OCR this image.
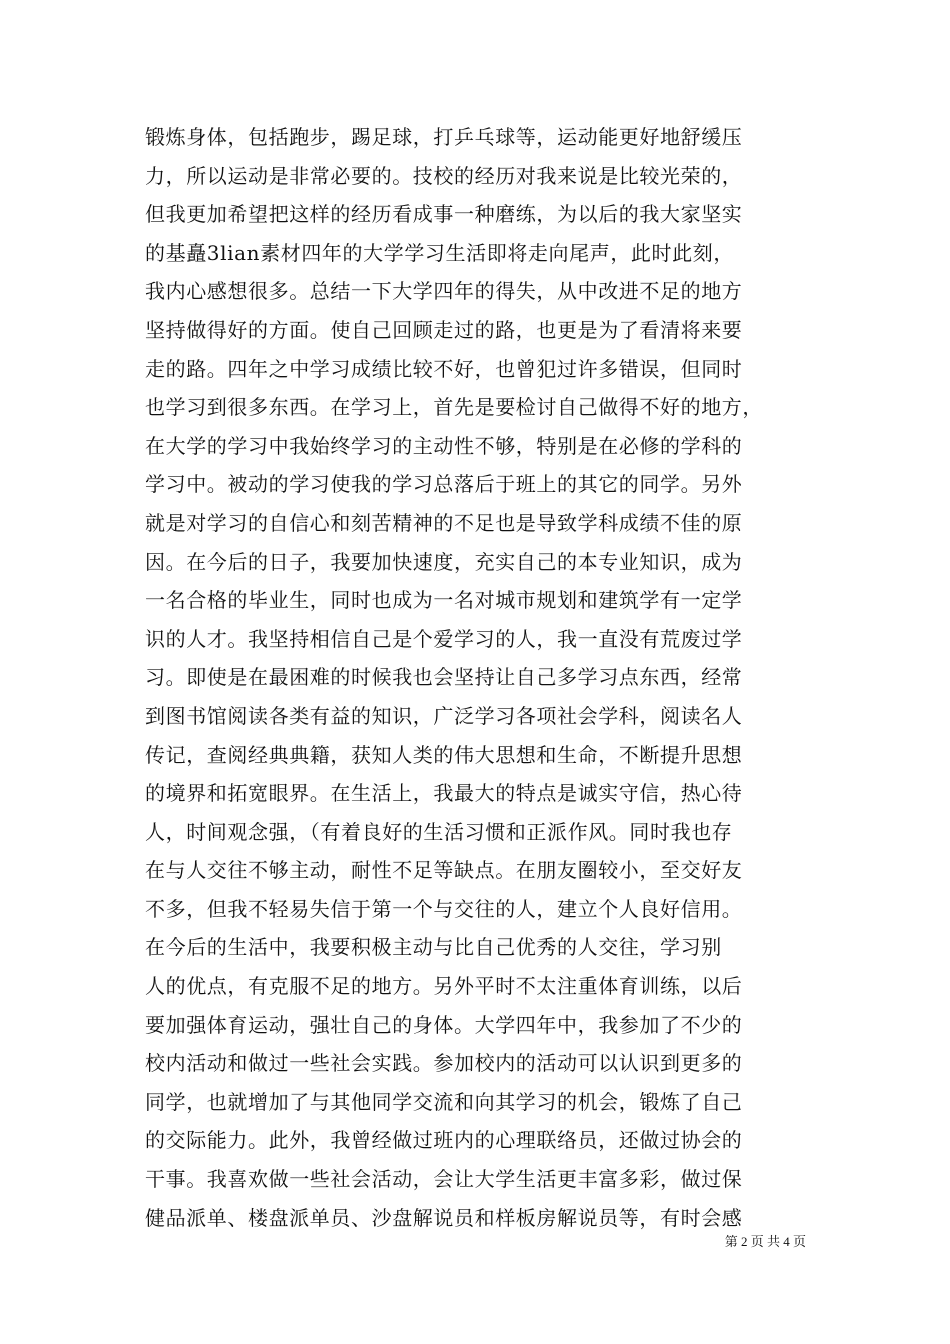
锻炼身体，包括跑步，踢足球，打乒乓球等，运动能更好地舒缓压
力，所以运动是非常必要的。技校的经历对我来说是比较光荣的，
但我更加希望把这样的经历看成事一种磨练，为以后的我大家坚实
的基矗3lian素材四年的大学学习生活即将走向尾声，此时此刻，
我内心感想很多。总结一下大学四年的得失，从中改进不足的地方
坚持做得好的方面。使自己回顾走过的路，也更是为了看清将来要
走的路。四年之中学习成绩比较不好，也曾犯过许多错误，但同时
也学习到很多东西。在学习上，首先是要检讨自己做得不好的地方，
在大学的学习中我始终学习的主动性不够，特别是在必修的学科的
学习中。被动的学习使我的学习总落后于班上的其它的同学。另外
就是对学习的自信心和刻苦精神的不足也是导致学科成绩不佳的原
因。在今后的日子，我要加快速度，充实自己的本专业知识，成为
一名合格的毕业生，同时也成为一名对城市规划和建筑学有一定学
识的人才。我坚持相信自己是个爱学习的人，我一直没有荒废过学
习。即使是在最困难的时候我也会坚持让自己多学习点东西，经常
到图书馆阅读各类有益的知识，广泛学习各项社会学科，阅读名人
传记，查阅经典典籍，获知人类的伟大思想和生命，不断提升思想
的境界和拓宽眼界。在生活上，我最大的特点是诚实守信，热心待
人，时间观念强，（有着良好的生活习惯和正派作风。同时我也存
在与人交往不够主动，耐性不足等缺点。在朋友圈较小，至交好友
不多，但我不轻易失信于第一个与交往的人，建立个人良好信用。
在今后的生活中，我要积极主动与比自己优秀的人交往，学习别
人的优点，有克服不足的地方。另外平时不太注重体育训练，以后
要加强体育运动，强壮自己的身体。大学四年中，我参加了不少的
校内活动和做过一些社会实践。参加校内的活动可以认识到更多的
同学，也就增加了与其他同学交流和向其学习的机会，锻炼了自己
的交际能力。此外，我曾经做过班内的心理联络员，还做过协会的
干事。我喜欢做一些社会活动，会让大学生活更丰富多彩，做过保
健品派单、楼盘派单员、沙盘解说员和样板房解说员等，有时会感
第 2 页 共 4 页
